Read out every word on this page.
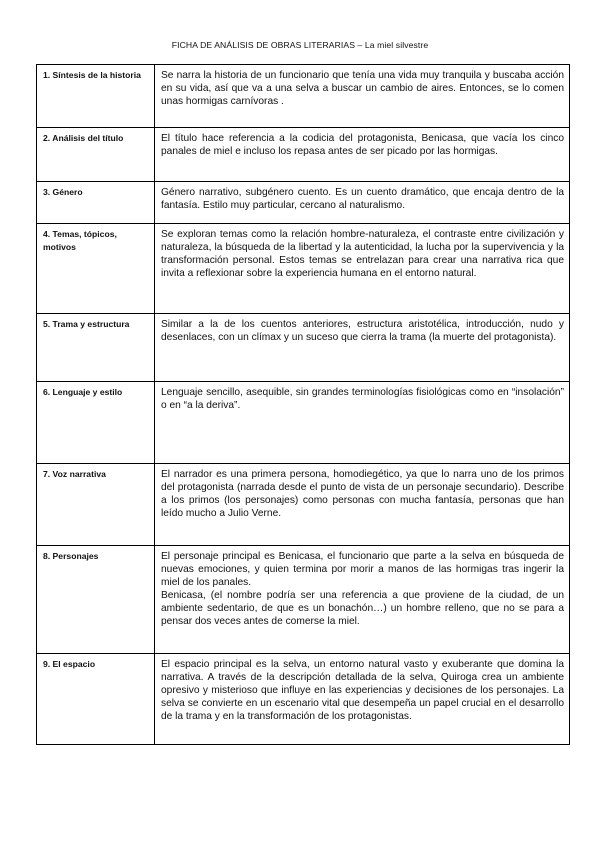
FICHA DE ANÁLISIS DE OBRAS LITERARIAS – La miel silvestre
1. Síntesis de la historia	Se narra la historia de un funcionario que tenía una vida muy tranquila y buscaba acción en su vida, así que va a una selva a buscar un cambio de aires. Entonces, se lo comen unas hormigas carnívoras .

2. Análisis del título	El título hace referencia a la codicia del protagonista, Benicasa, que vacía los cinco panales de miel e incluso los repasa antes de ser picado por las hormigas.

3. Género	Género narrativo, subgénero cuento. Es un cuento dramático, que encaja dentro de la fantasía. Estilo muy particular, cercano al naturalismo.

4. Temas, tópicos, motivos	Se exploran temas como la relación hombre-naturaleza, el contraste entre civilización y naturaleza, la búsqueda de la libertad y la autenticidad, la lucha por la supervivencia y la transformación personal. Estos temas se entrelazan para crear una narrativa rica que invita a reflexionar sobre la experiencia humana en el entorno natural.

5. Trama y estructura	Similar a la de los cuentos anteriores, estructura aristotélica, introducción, nudo y desenlaces, con un clímax y un suceso que cierra la trama (la muerte del protagonista).

6. Lenguaje y estilo	Lenguaje sencillo, asequible, sin grandes terminologías fisiológicas como en “insolación” o en “a la deriva”.

7. Voz narrativa	El narrador es una primera persona, homodiegético, ya que lo narra uno de los primos del protagonista (narrada desde el punto de vista de un personaje secundario). Describe a los primos (los personajes) como personas con mucha fantasía, personas que han leído mucho a Julio Verne.

8. Personajes	El personaje principal es Benicasa, el funcionario que parte a la selva en búsqueda de nuevas emociones, y quien termina por morir a manos de las hormigas tras ingerir la miel de los panales.

Benicasa, (el nombre podría ser una referencia a que proviene de la ciudad, de un ambiente sedentario, de que es un bonachón…) un hombre relleno, que no se para a pensar dos veces antes de comerse la miel.

9. El espacio	El espacio principal es la selva, un entorno natural vasto y exuberante que domina la narrativa. A través de la descripción detallada de la selva, Quiroga crea un ambiente opresivo y misterioso que influye en las experiencias y decisiones de los personajes. La selva se convierte en un escenario vital que desempeña un papel crucial en el desarrollo de la trama y en la transformación de los protagonistas.
